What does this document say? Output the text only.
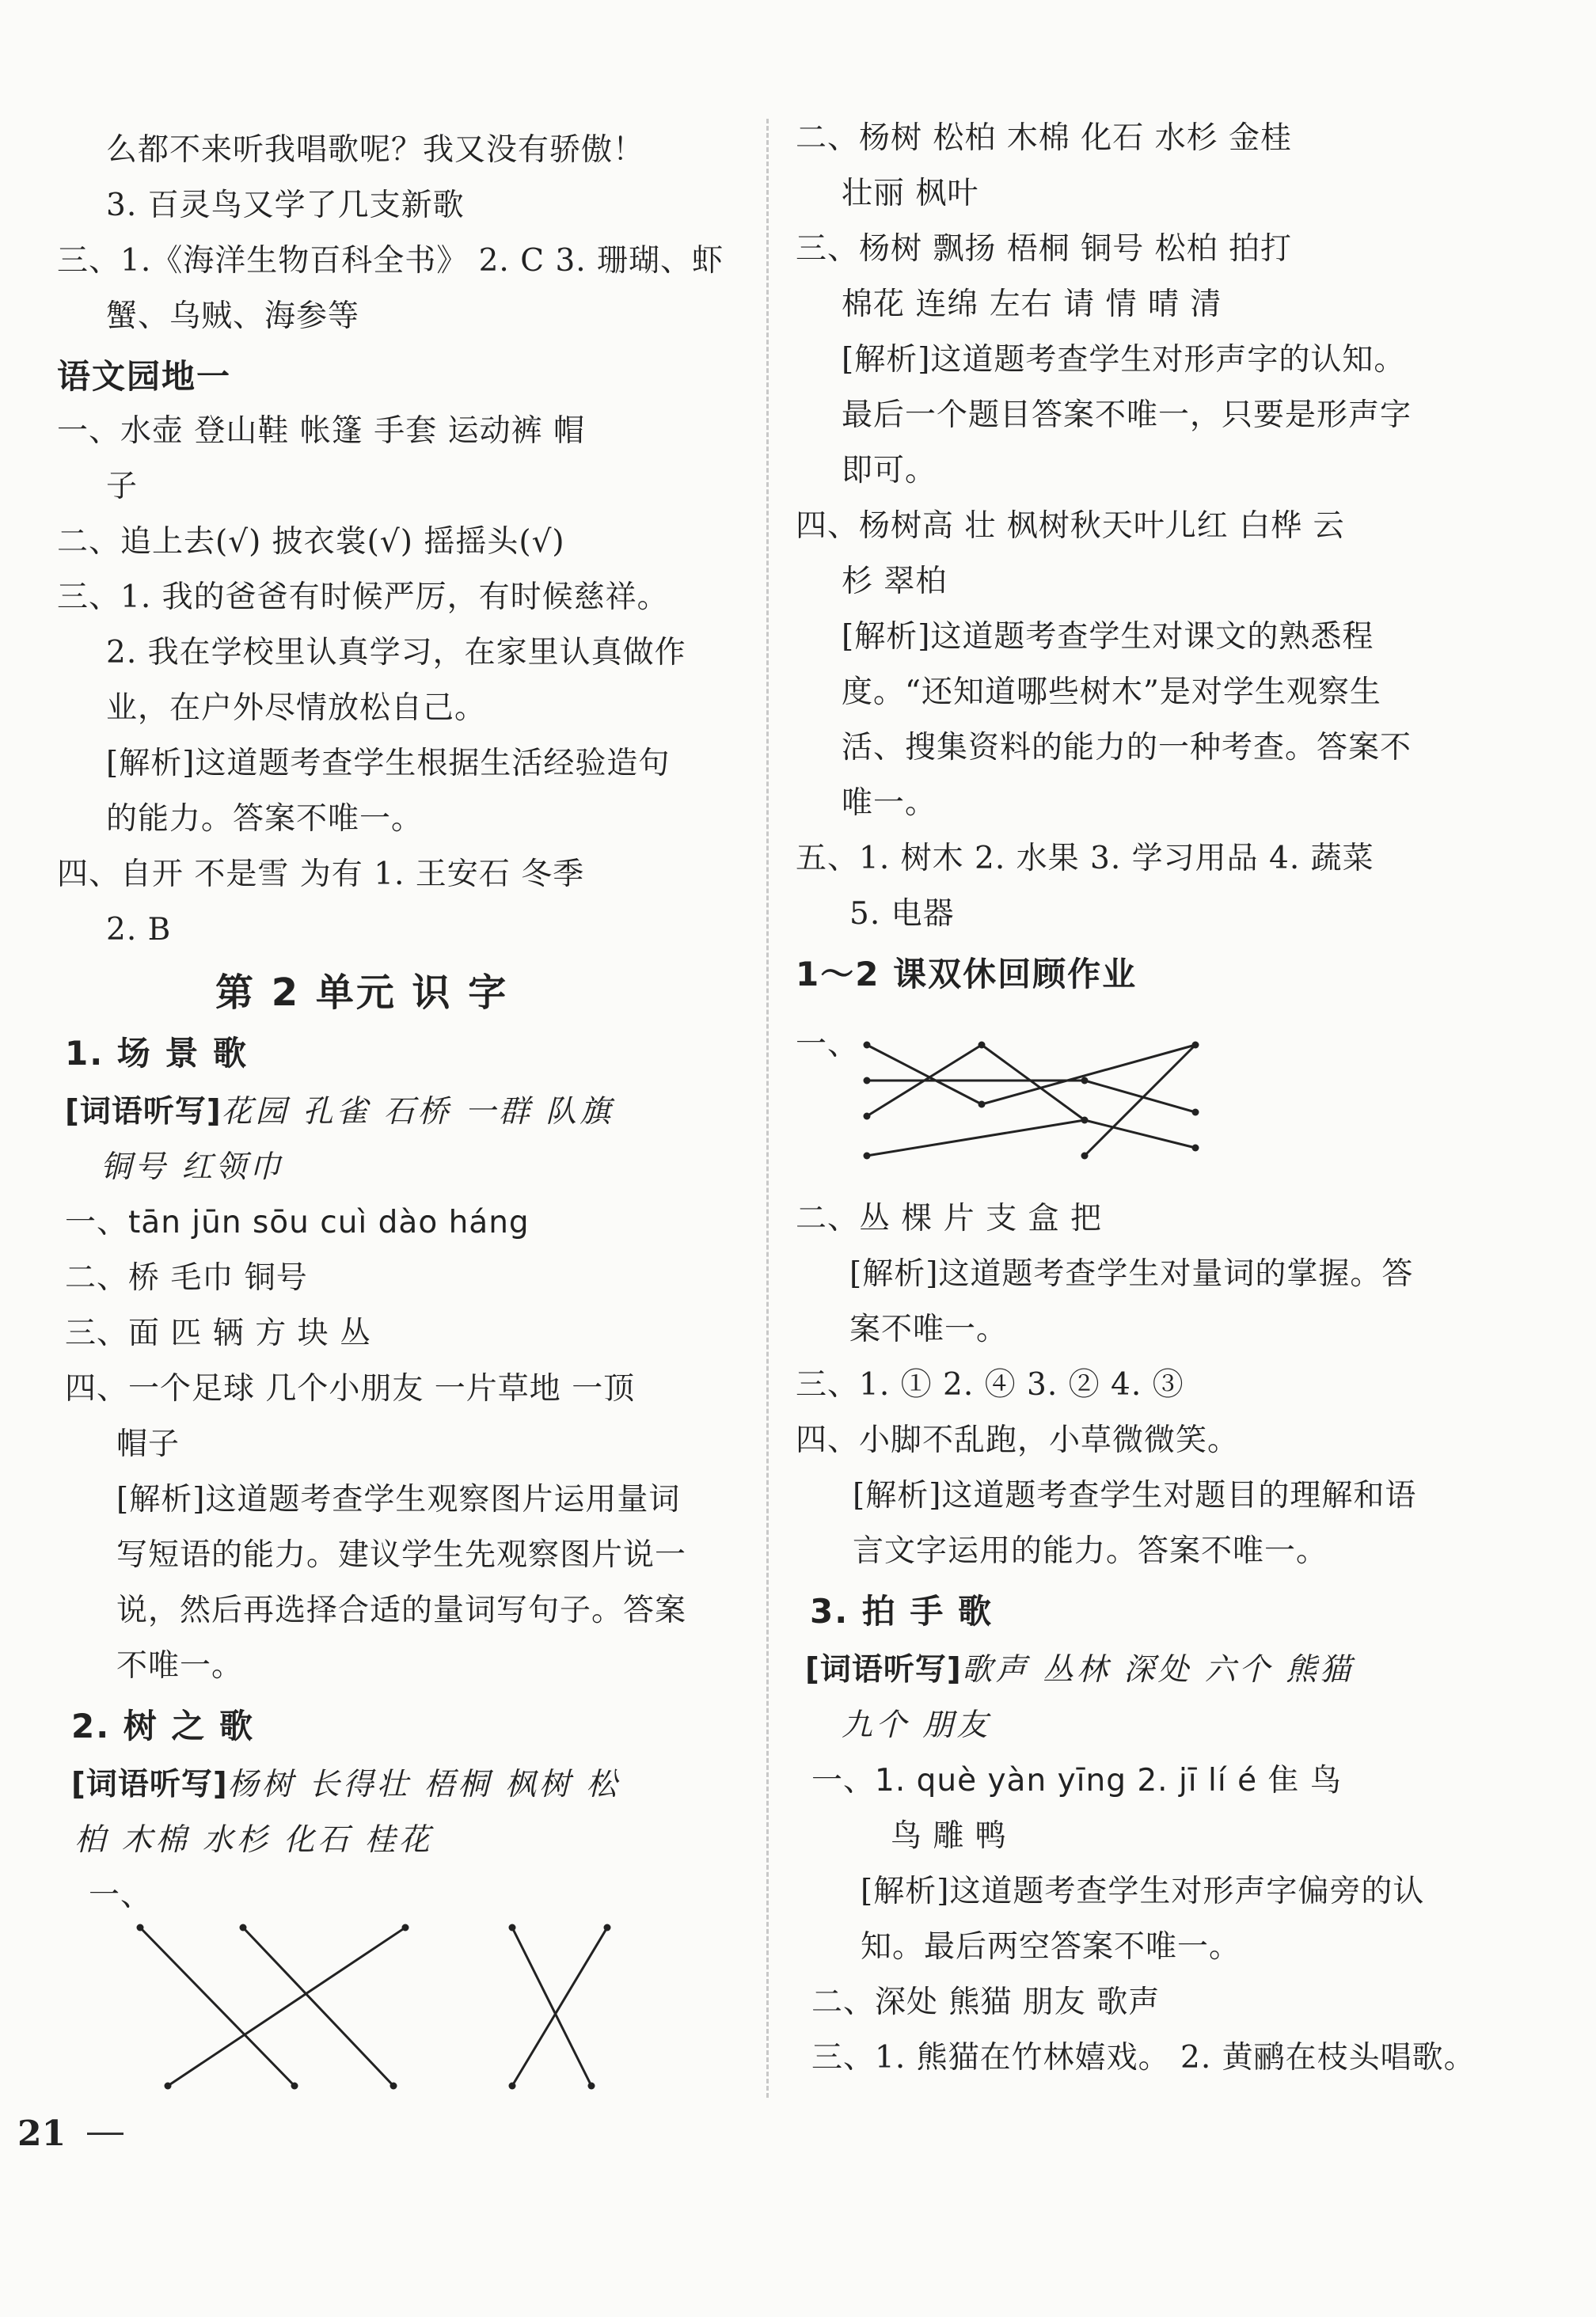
么都不来听我唱歌呢？我又没有骄傲！
3. 百灵鸟又学了几支新歌
三、1.《海洋生物百科全书》 2. C 3. 珊瑚、虾
蟹、乌贼、海参等
语文园地一
一、水壶 登山鞋 帐篷 手套 运动裤 帽
子
二、追上去(√) 披衣裳(√) 摇摇头(√)
三、1. 我的爸爸有时候严厉，有时候慈祥。
2. 我在学校里认真学习，在家里认真做作
业，在户外尽情放松自己。
[解析]这道题考查学生根据生活经验造句
的能力。答案不唯一。
四、自开 不是雪 为有 1. 王安石 冬季
2. B
第 2 单元 识 字
1. 场 景 歌
[词语听写]花园 孔雀 石桥 一群 队旗
铜号 红领巾
一、tān jūn sōu cuì dào háng
二、桥 毛巾 铜号
三、面 匹 辆 方 块 丛
四、一个足球 几个小朋友 一片草地 一顶
帽子
[解析]这道题考查学生观察图片运用量词
写短语的能力。建议学生先观察图片说一
说，然后再选择合适的量词写句子。答案
不唯一。
2. 树 之 歌
[词语听写]杨树 长得壮 梧桐 枫树 松
柏 木棉 水杉 化石 桂花
一、
二、杨树 松柏 木棉 化石 水杉 金桂
壮丽 枫叶
三、杨树 飘扬 梧桐 铜号 松柏 拍打
棉花 连绵 左右 请 情 晴 清
[解析]这道题考查学生对形声字的认知。
最后一个题目答案不唯一，只要是形声字
即可。
四、杨树高 壮 枫树秋天叶儿红 白桦 云
杉 翠柏
[解析]这道题考查学生对课文的熟悉程
度。“还知道哪些树木”是对学生观察生
活、搜集资料的能力的一种考查。答案不
唯一。
五、1. 树木 2. 水果 3. 学习用品 4. 蔬菜
5. 电器
1～2 课双休回顾作业
一、
二、丛 棵 片 支 盒 把
[解析]这道题考查学生对量词的掌握。答
案不唯一。
三、1. ① 2. ④ 3. ② 4. ③
四、小脚不乱跑，小草微微笑。
[解析]这道题考查学生对题目的理解和语
言文字运用的能力。答案不唯一。
3. 拍 手 歌
[词语听写]歌声 丛林 深处 六个 熊猫
九个 朋友
一、1. què yàn yīng 2. jī lí é 隹 鸟
鸟 雕 鸭
[解析]这道题考查学生对形声字偏旁的认
知。最后两空答案不唯一。
二、深处 熊猫 朋友 歌声
三、1. 熊猫在竹林嬉戏。 2. 黄鹂在枝头唱歌。
21
